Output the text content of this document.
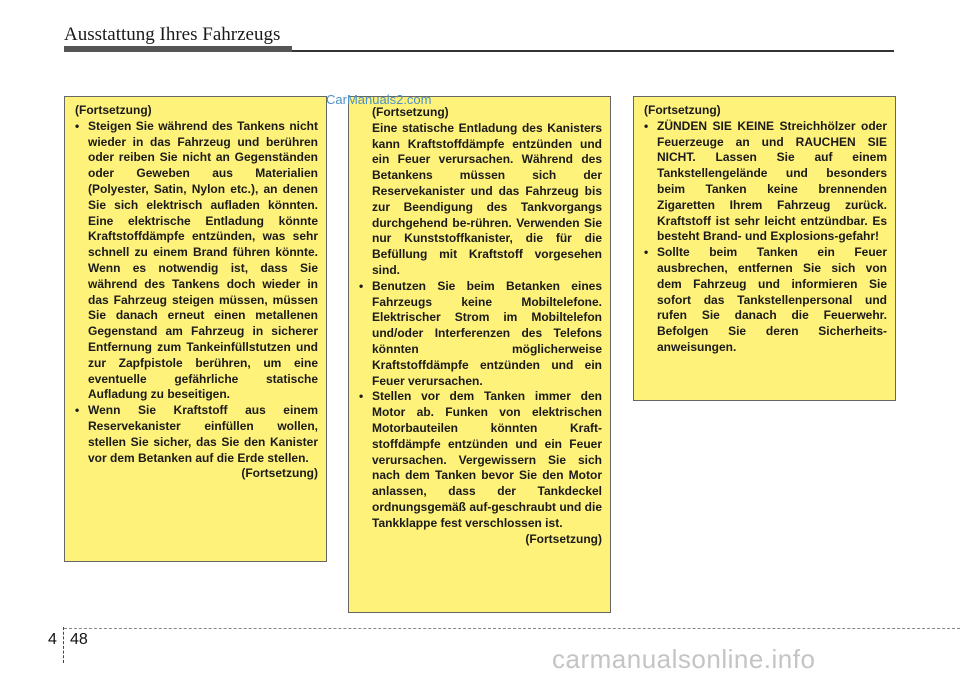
Ausstattung Ihres Fahrzeugs

(Fortsetzung)

• Steigen Sie während des Tankens nicht wieder in das Fahrzeug und berühren oder reiben Sie nicht an Gegenständen oder Geweben aus Materialien (Polyester, Satin, Nylon etc.), an denen Sie sich elektrisch aufladen könnten. Eine elektrische Entladung könnte Kraftstoffdämpfe entzünden, was sehr schnell zu einem Brand führen könnte. Wenn es notwendig ist, dass Sie während des Tankens doch wieder in das Fahrzeug steigen müssen, müssen Sie danach erneut einen metallenen Gegenstand am Fahrzeug in sicherer Entfernung zum Tankeinfüllstutzen und zur Zapfpistole berühren, um eine eventuelle gefährliche statische Aufladung zu beseitigen.

• Wenn Sie Kraftstoff aus einem Reservekanister einfüllen wollen, stellen Sie sicher, das Sie den Kanister vor dem Betanken auf die Erde stellen.

(Fortsetzung)

(Fortsetzung)

Eine statische Entladung des Kanisters kann Kraftstoffdämpfe entzünden und ein Feuer verursachen. Während des Betankens müssen sich der Reservekanister und das Fahrzeug bis zur Beendigung des Tankvorgangs durchgehend be-rühren. Verwenden Sie nur Kunststoffkanister, die für die Befüllung mit Kraftstoff vorgesehen sind.

• Benutzen Sie beim Betanken eines Fahrzeugs keine Mobiltelefone. Elektrischer Strom im Mobiltelefon und/oder Interferenzen des Telefons könnten möglicherweise Kraftstoffdämpfe entzünden und ein Feuer verursachen.

• Stellen vor dem Tanken immer den Motor ab. Funken von elektrischen Motorbauteilen könnten Kraft-stoffdämpfe entzünden und ein Feuer verursachen. Vergewissern Sie sich nach dem Tanken bevor Sie den Motor anlassen, dass der Tankdeckel ordnungsgemäß auf-geschraubt und die Tankklappe fest verschlossen ist.

(Fortsetzung)

(Fortsetzung)

• ZÜNDEN SIE KEINE Streichhölzer oder Feuerzeuge an und RAUCHEN SIE NICHT. Lassen Sie auf einem Tankstellengelände und besonders beim Tanken keine brennenden Zigaretten Ihrem Fahrzeug zurück. Kraftstoff ist sehr leicht entzündbar. Es besteht Brand- und Explosions-gefahr!

• Sollte beim Tanken ein Feuer ausbrechen, entfernen Sie sich von dem Fahrzeug und informieren Sie sofort das Tankstellenpersonal und rufen Sie danach die Feuerwehr. Befolgen Sie deren Sicherheits-anweisungen.

CarManuals2.com
4 48
carmanualsonline.info
